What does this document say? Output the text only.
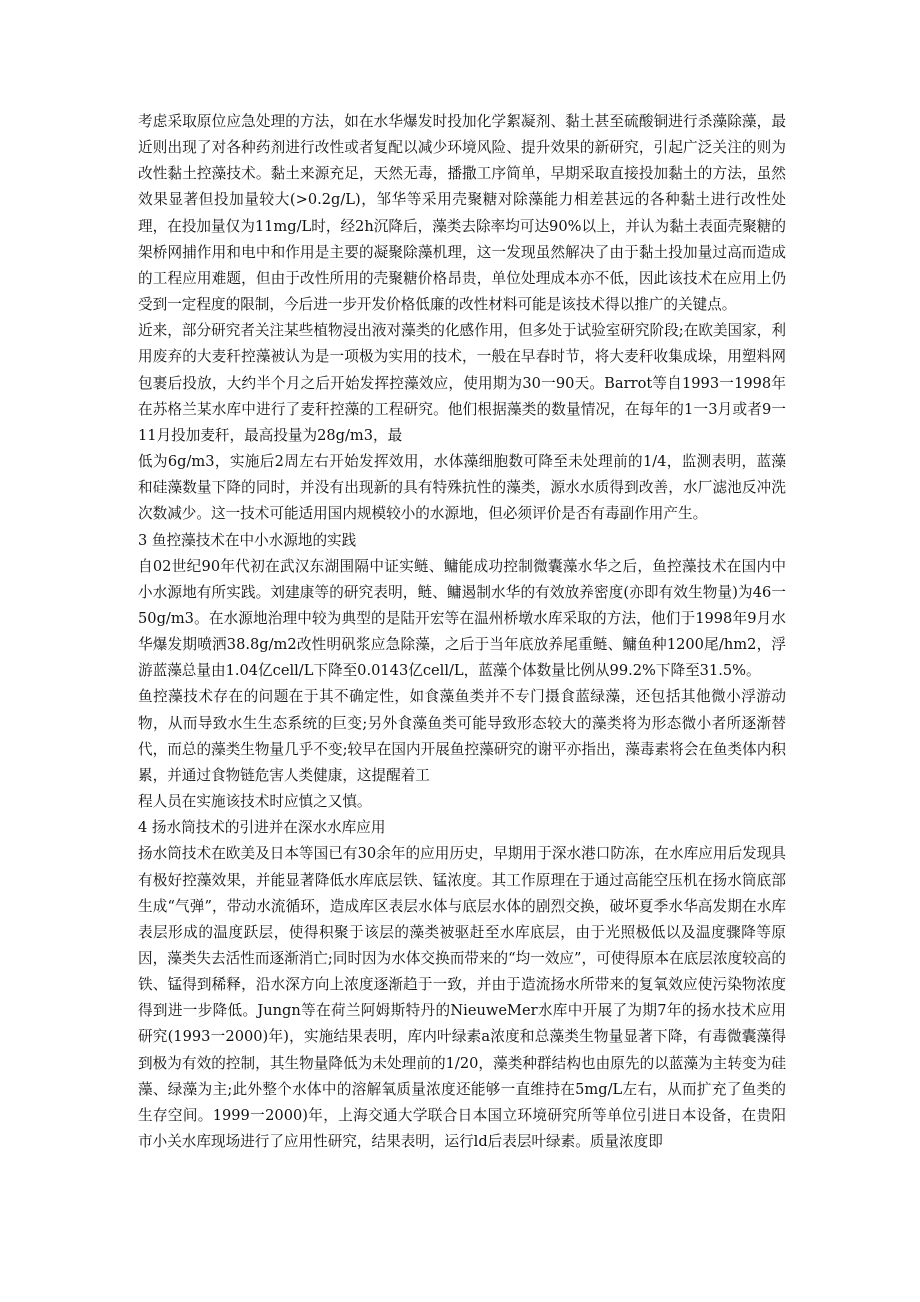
考虑采取原位应急处理的方法，如在水华爆发时投加化学絮凝剂、黏土甚至硫酸铜进行杀藻除藻，最近则出现了对各种药剂进行改性或者复配以减少环境风险、提升效果的新研究，引起广泛关注的则为改性黏土控藻技术。黏土来源充足，天然无毒，播撒工序简单，早期采取直接投加黏土的方法，虽然效果显著但投加量较大(>0.2g/L)，邹华等采用壳聚糖对除藻能力相差甚远的各种黏土进行改性处理，在投加量仅为11mg/L时，经2h沉降后，藻类去除率均可达90%以上，并认为黏土表面壳聚糖的架桥网捕作用和电中和作用是主要的凝聚除藻机理，这一发现虽然解决了由于黏土投加量过高而造成的工程应用难题，但由于改性所用的壳聚糖价格昂贵，单位处理成本亦不低，因此该技术在应用上仍受到一定程度的限制，今后进一步开发价格低廉的改性材料可能是该技术得以推广的关键点。

近来，部分研究者关注某些植物浸出液对藻类的化感作用，但多处于试验室研究阶段;在欧美国家，利用废弃的大麦秆控藻被认为是一项极为实用的技术，一般在早春时节，将大麦秆收集成垛，用塑料网包裹后投放，大约半个月之后开始发挥控藻效应，使用期为30一90天。Barrot等自1993一1998年在苏格兰某水库中进行了麦秆控藻的工程研究。他们根据藻类的数量情况，在每年的1一3月或者9一11月投加麦秆，最高投量为28g/m3，最

低为6g/m3，实施后2周左右开始发挥效用，水体藻细胞数可降至未处理前的1/4，监测表明，蓝藻和硅藻数量下降的同时，并没有出现新的具有特殊抗性的藻类，源水水质得到改善，水厂滤池反冲洗次数减少。这一技术可能适用国内规模较小的水源地，但必须评价是否有毒副作用产生。

3 鱼控藻技术在中小水源地的实践

自02世纪90年代初在武汉东湖围隔中证实鲢、鳙能成功控制微囊藻水华之后，鱼控藻技术在国内中小水源地有所实践。刘建康等的研究表明，鲢、鳙遏制水华的有效放养密度(亦即有效生物量)为46一50g/m3。在水源地治理中较为典型的是陆开宏等在温州桥墩水库采取的方法，他们于1998年9月水华爆发期喷洒38.8g/m2改性明矾浆应急除藻，之后于当年底放养尾重鲢、鳙鱼种1200尾/hm2，浮游蓝藻总量由1.04亿cell/L下降至0.0143亿cell/L，蓝藻个体数量比例从99.2%下降至31.5%。

鱼控藻技术存在的问题在于其不确定性，如食藻鱼类并不专门摄食蓝绿藻，还包括其他微小浮游动物，从而导致水生生态系统的巨变;另外食藻鱼类可能导致形态较大的藻类将为形态微小者所逐渐替代，而总的藻类生物量几乎不变;较早在国内开展鱼控藻研究的谢平亦指出，藻毒素将会在鱼类体内积累，并通过食物链危害人类健康，这提醒着工

程人员在实施该技术时应慎之又慎。

4 扬水筒技术的引进并在深水水库应用

扬水筒技术在欧美及日本等国已有30余年的应用历史，早期用于深水港口防冻，在水库应用后发现具有极好控藻效果，并能显著降低水库底层铁、锰浓度。其工作原理在于通过高能空压机在扬水筒底部生成“气弹”，带动水流循环，造成库区表层水体与底层水体的剧烈交换，破坏夏季水华高发期在水库表层形成的温度跃层，使得积聚于该层的藻类被驱赶至水库底层，由于光照极低以及温度骤降等原因，藻类失去活性而逐渐消亡;同时因为水体交换而带来的“均一效应”，可使得原本在底层浓度较高的铁、锰得到稀释，沿水深方向上浓度逐渐趋于一致，并由于造流扬水所带来的复氧效应使污染物浓度得到进一步降低。Jungn等在荷兰阿姆斯特丹的NieuweMer水库中开展了为期7年的扬水技术应用研究(1993一2000)年)，实施结果表明，库内叶绿素a浓度和总藻类生物量显著下降，有毒微囊藻得到极为有效的控制，其生物量降低为未处理前的1/20，藻类种群结构也由原先的以蓝藻为主转变为硅藻、绿藻为主;此外整个水体中的溶解氧质量浓度还能够一直维持在5mg/L左右，从而扩充了鱼类的生存空间。1999一2000)年，上海交通大学联合日本国立环境研究所等单位引进日本设备，在贵阳市小关水库现场进行了应用性研究，结果表明，运行ld后表层叶绿素。质量浓度即
